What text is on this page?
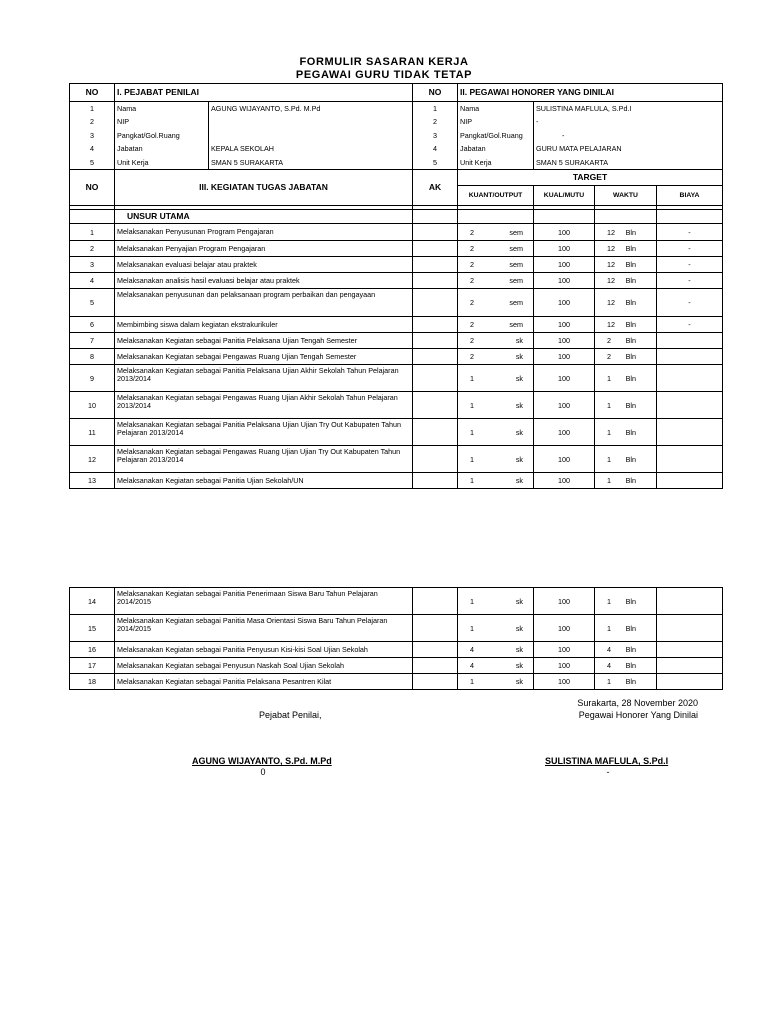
FORMULIR SASARAN KERJA
PEGAWAI GURU TIDAK TETAP
NO	I. PEJABAT PENILAI		NO	II. PEGAWAI HONORER YANG DINILAI	
1	Nama	AGUNG WIJAYANTO, S.Pd. M.Pd	1	Nama	SULISTINA MAFLULA, S.Pd.I
2	NIP		2	NIP	-
3	Pangkat/Gol.Ruang		3	Pangkat/Gol.Ruang	-
4	Jabatan	KEPALA SEKOLAH	4	Jabatan	GURU MATA PELAJARAN
5	Unit Kerja	SMAN 5 SURAKARTA	5	Unit Kerja	SMAN 5 SURAKARTA
NO	III. KEGIATAN TUGAS JABATAN	AK	TARGET			
			KUANT/OUTPUT	KUAL/MUTU	WAKTU	BIAYA

	UNSUR UTAMA					
1	Melaksanakan Penyusunan Program Pengajaran		2 sem	100	12 Bln	-
2	Melaksanakan Penyajian Program Pengajaran		2 sem	100	12 Bln	-
3	Melaksanakan evaluasi belajar atau praktek		2 sem	100	12 Bln	-
4	Melaksanakan analisis hasil evaluasi belajar atau praktek		2 sem	100	12 Bln	-
5	Melaksanakan penyusunan dan pelaksanaan program perbaikan dan pengayaan		2 sem	100	12 Bln	-
6	Membimbing siswa dalam kegiatan ekstrakurikuler		2 sem	100	12 Bln	-
7	Melaksanakan Kegiatan sebagai Panitia Pelaksana Ujian Tengah Semester		2 sk	100	2 Bln	

8	Melaksanakan Kegiatan sebagai Pengawas Ruang Ujian Tengah Semester		2 sk	100	2 Bln	

9	Melaksanakan Kegiatan sebagai Panitia Pelaksana Ujian Akhir Sekolah Tahun Pelajaran 2013/2014		1 sk	100	1 Bln	

10	Melaksanakan Kegiatan sebagai Pengawas Ruang Ujian Akhir Sekolah Tahun Pelajaran 2013/2014		1 sk	100	1 Bln	

11	Melaksanakan Kegiatan sebagai Panitia Pelaksana Ujian Ujian Try Out Kabupaten Tahun Pelajaran 2013/2014		1 sk	100	1 Bln	

12	Melaksanakan Kegiatan sebagai Pengawas Ruang Ujian Ujian Try Out Kabupaten Tahun Pelajaran 2013/2014		1 sk	100	1 Bln	

13	Melaksanakan Kegiatan sebagai Panitia Ujian Sekolah/UN		1 sk	100	1 Bln	

14	Melaksanakan Kegiatan sebagai Panitia Penerimaan Siswa Baru Tahun Pelajaran 2014/2015		1 sk	100	1 Bln	

15	Melaksanakan Kegiatan sebagai Panitia Masa Orientasi Siswa Baru Tahun Pelajaran 2014/2015		1 sk	100	1 Bln	

16	Melaksanakan Kegiatan sebagai Panitia Penyusun Kisi-kisi Soal Ujian Sekolah		4 sk	100	4 Bln	

17	Melaksanakan Kegiatan sebagai Penyusun Naskah Soal Ujian Sekolah		4 sk	100	4 Bln	

18	Melaksanakan Kegiatan sebagai Panitia Pelaksana Pesantren Kilat		1 sk	100	1 Bln	

Surakarta, 28 November 2020
Pegawai Honorer Yang Dinilai
Pejabat Penilai,
AGUNG WIJAYANTO, S.Pd. M.Pd
0
SULISTINA MAFLULA, S.Pd.I
-
